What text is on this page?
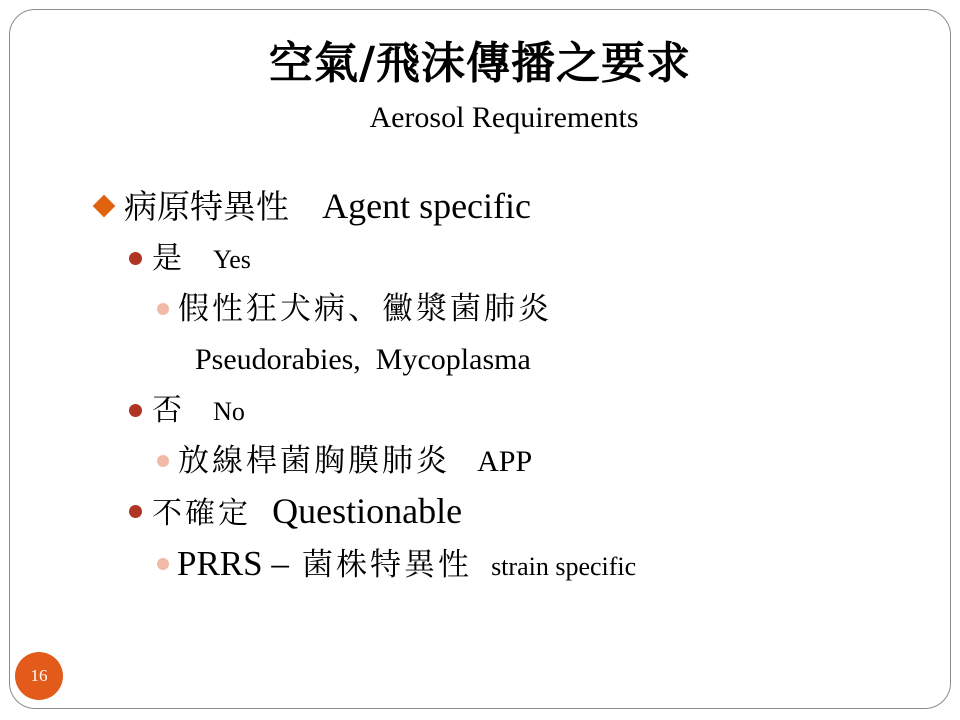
空氣/飛沫傳播之要求
Aerosol Requirements
病原特異性 Agent specific
是 Yes
假性狂犬病、黴漿菌肺炎
Pseudorabies,  Mycoplasma
否 No
放線桿菌胸膜肺炎 APP
不確定 Questionable
PRRS – 菌株特異性 strain specific
16
